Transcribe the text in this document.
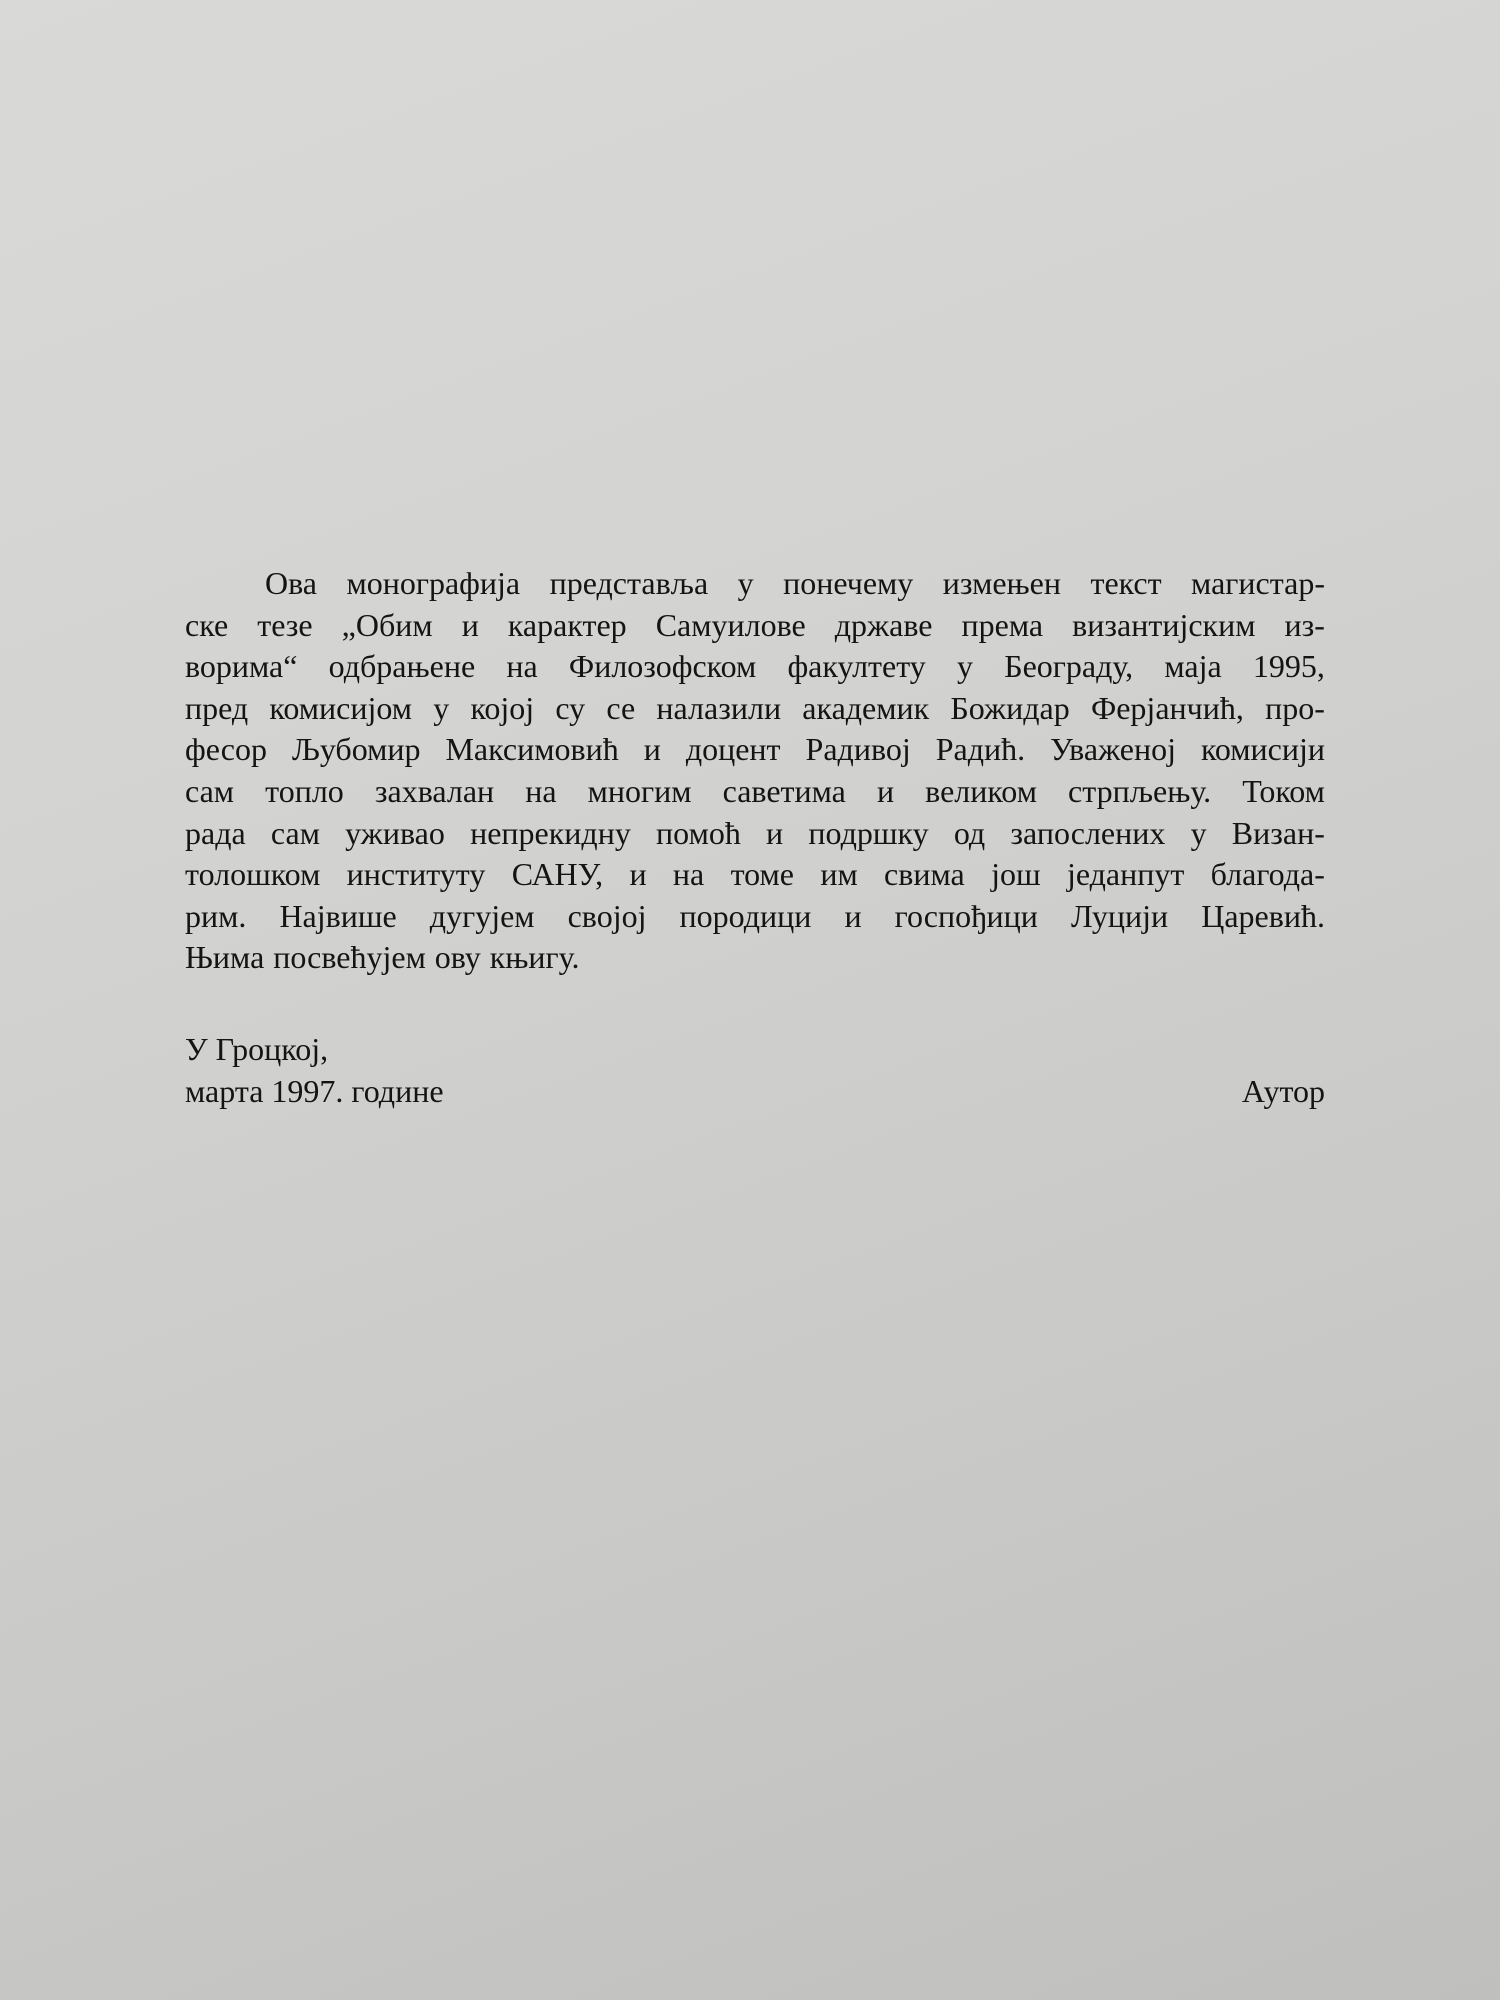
Ова монографија представља у понечему измењен текст магистар-
ске тезе „Обим и карактер Самуилове државе према византијским из-
ворима“ одбрањене на Филозофском факултету у Београду, маја 1995,
пред комисијом у којој су се налазили академик Божидар Ферјанчић, про-
фесор Љубомир Максимовић и доцент Радивој Радић. Уваженој комисији
сам топло захвалан на многим саветима и великом стрпљењу. Током
рада сам уживао непрекидну помоћ и подршку од запослених у Визан-
толошком институту САНУ, и на томе им свима још једанпут благода-
рим. Највише дугујем својој породици и госпођици Луцији Царевић.
Њима посвећујем ову књигу.
У Гроцкој,
марта 1997. године	Аутор
